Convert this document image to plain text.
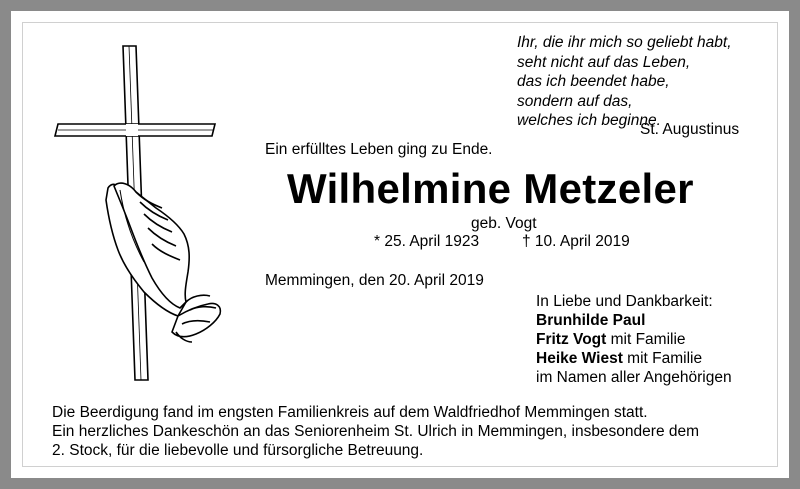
Ihr, die ihr mich so geliebt habt,
seht nicht auf das Leben,
das ich beendet habe,
sondern auf das,
welches ich beginne.
St. Augustinus
Ein erfülltes Leben ging zu Ende.
Wilhelmine Metzeler
geb. Vogt
* 25. April 1923	† 10. April 2019
Memmingen, den 20. April 2019
In Liebe und Dankbarkeit:
Brunhilde Paul
Fritz Vogt mit Familie
Heike Wiest mit Familie
im Namen aller Angehörigen
Die Beerdigung fand im engsten Familienkreis auf dem Waldfriedhof Memmingen statt.
Ein herzliches Dankeschön an das Seniorenheim St. Ulrich in Memmingen, insbesondere dem
2. Stock, für die liebevolle und fürsorgliche Betreuung.
